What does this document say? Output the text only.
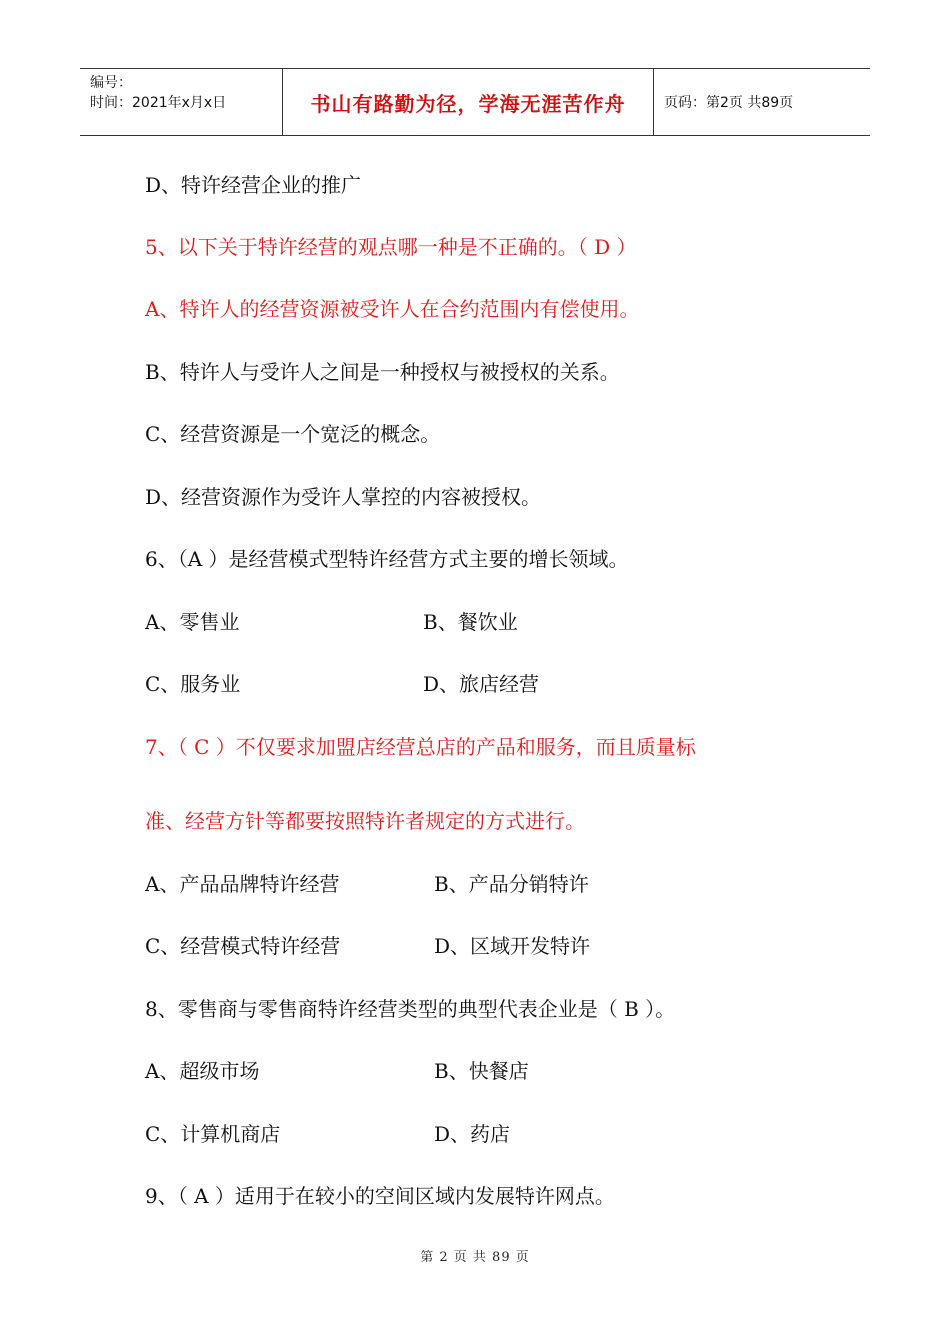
编号：
时间：2021年x月x日	书山有路勤为径，学海无涯苦作舟	页码：第2页 共89页
D、特许经营企业的推广
5、以下关于特许经营的观点哪一种是不正确的。（ D ）
A、特许人的经营资源被受许人在合约范围内有偿使用。
B、特许人与受许人之间是一种授权与被授权的关系。
C、经营资源是一个宽泛的概念。
D、经营资源作为受许人掌控的内容被授权。
6、（A ）是经营模式型特许经营方式主要的增长领域。
A、零售业	B、餐饮业
C、服务业	D、旅店经营
7、（ C ）不仅要求加盟店经营总店的产品和服务，而且质量标
准、经营方针等都要按照特许者规定的方式进行。
A、产品品牌特许经营	B、产品分销特许
C、经营模式特许经营	D、区域开发特许
8、零售商与零售商特许经营类型的典型代表企业是（ B ）。
A、超级市场	B、快餐店
C、计算机商店	D、药店
9、（ A ）适用于在较小的空间区域内发展特许网点。
第 2 页 共 89 页
